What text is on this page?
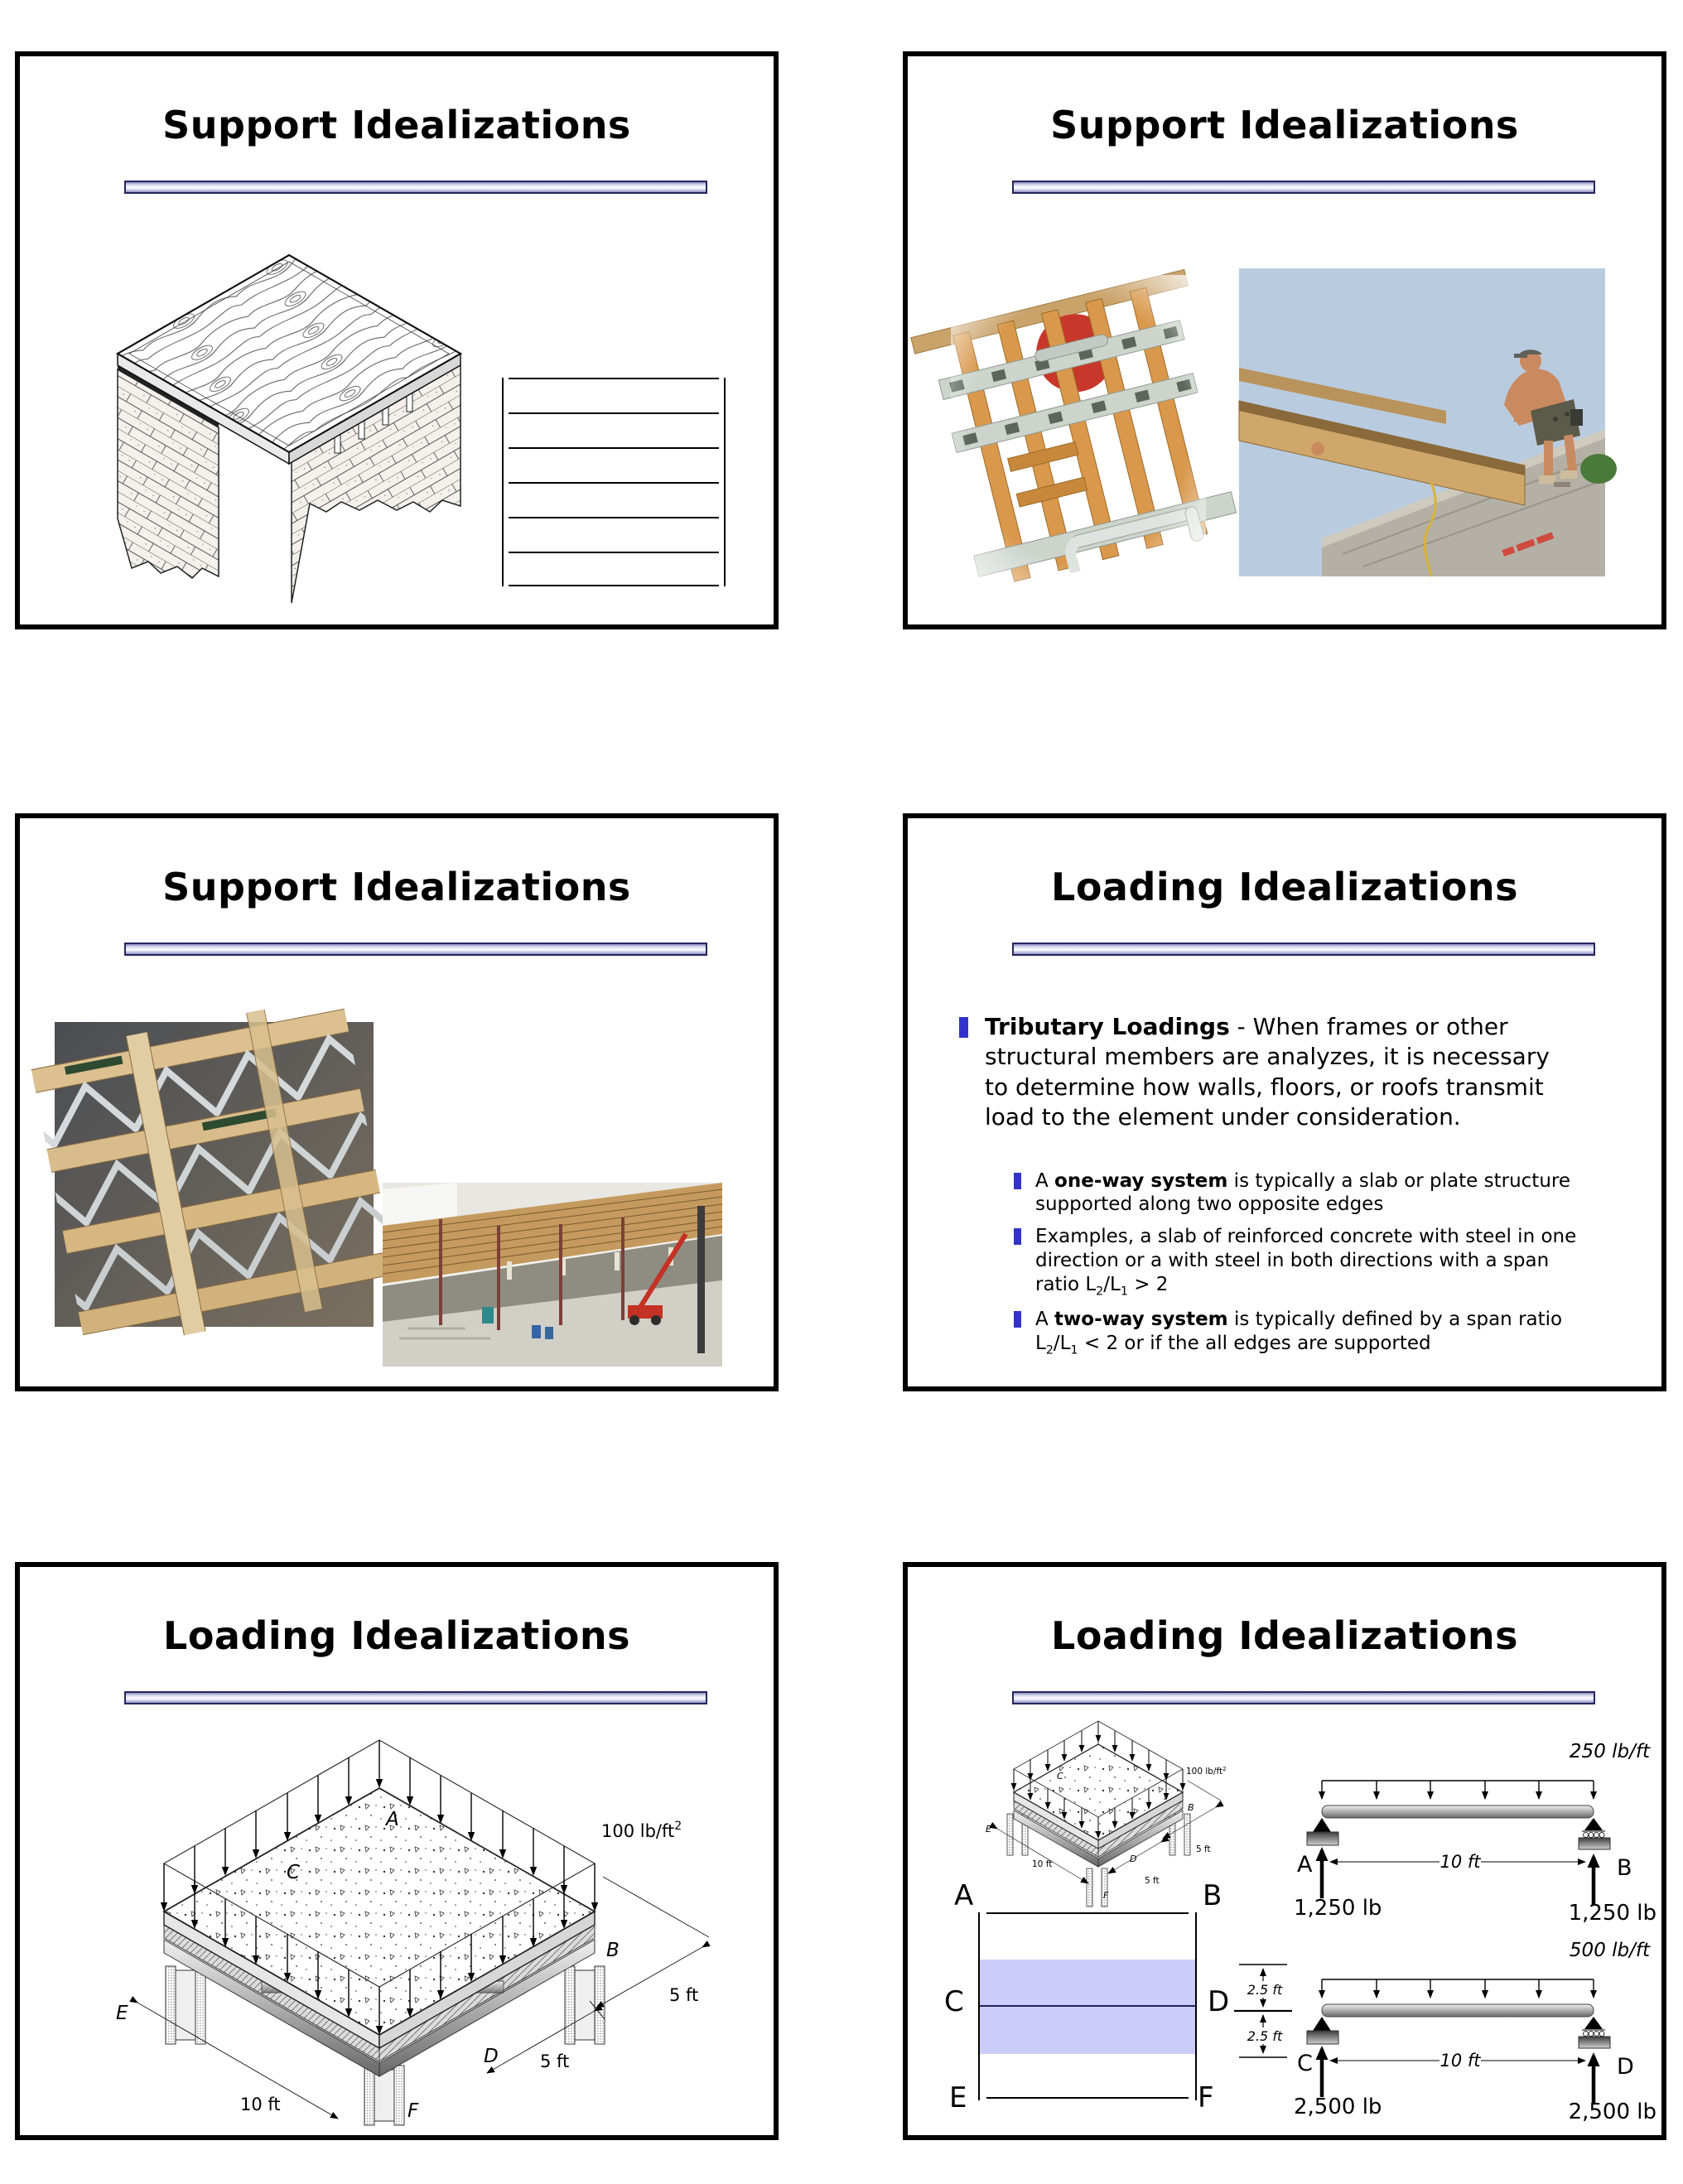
Support Idealizations	Support Idealizations
Support Idealizations	Loading Idealizations
Tributary Loadings - When frames or other structural members are analyzes, it is necessary to determine how walls, floors, or roofs transmit load to the element under consideration.
A one-way system is typically a slab or plate structure supported along two opposite edges
Examples, a slab of reinforced concrete with steel in one direction or a with steel in both directions with a span ratio $L_2/L_1 > 2$
A two-way system is typically defined by a span ratio $L_2/L_1 < 2$ or if the all edges are supported
Loading Idealizations
A
C
B
D
E
F
100 $lb/ft^2$
10 ft
5 ft
5 ft
Loading Idealizations
C
B
D
E
F
100 $lb/ft^2$
10 ft
5 ft
5 ft
A	B
C	D
E	F
2.5 ft
2.5 ft
250 lb/ft
10 ft
A	B
1,250 lb	1,250 lb
500 lb/ft
10 ft
C	D
2,500 lb	2,500 lb
